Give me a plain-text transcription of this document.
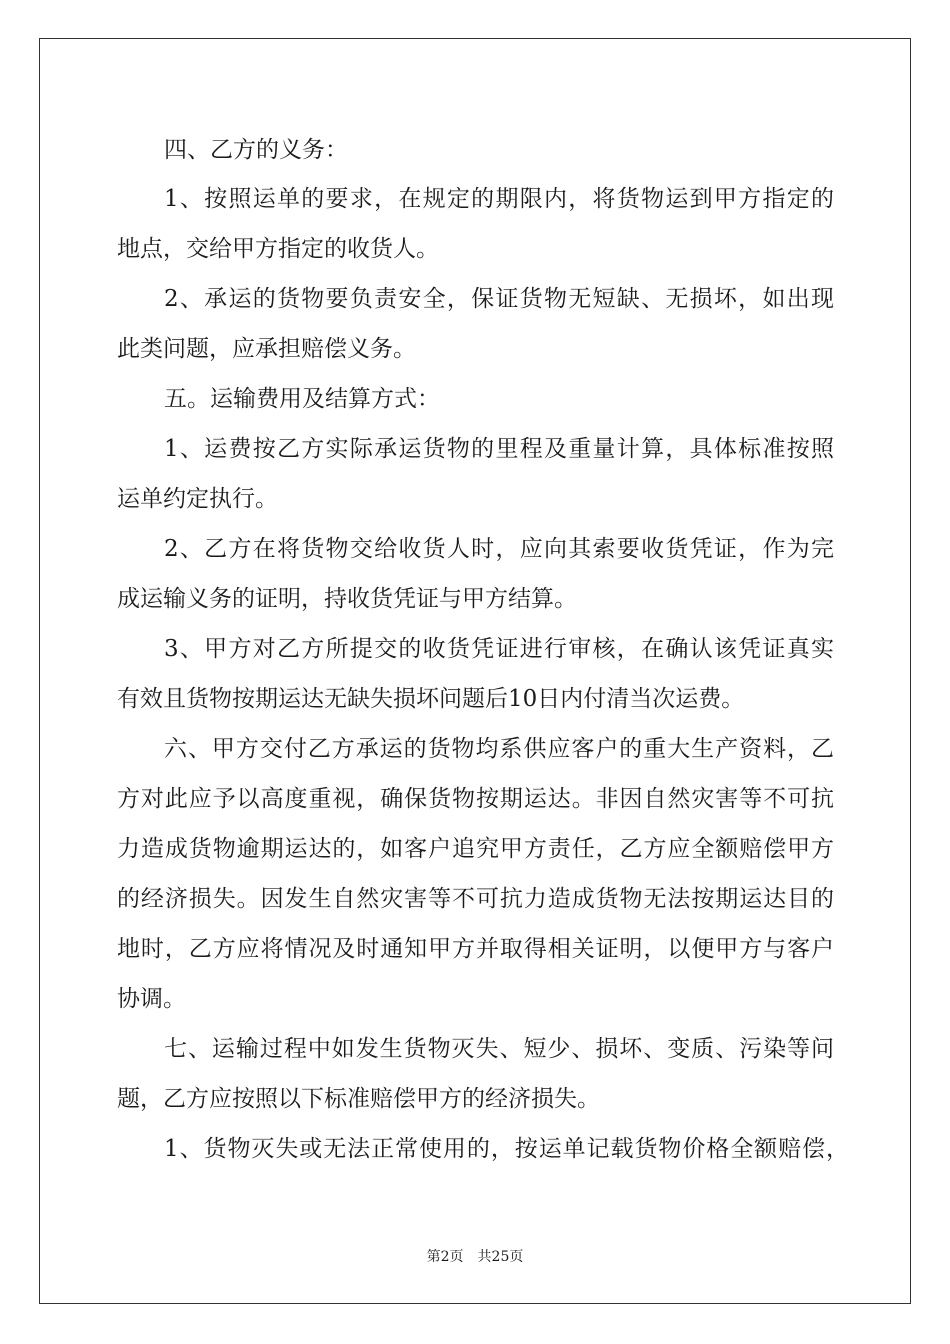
四、乙方的义务：

1、按照运单的要求，在规定的期限内，将货物运到甲方指定的

地点，交给甲方指定的收货人。

2、承运的货物要负责安全，保证货物无短缺、无损坏，如出现

此类问题，应承担赔偿义务。

五。运输费用及结算方式：

1、运费按乙方实际承运货物的里程及重量计算，具体标准按照

运单约定执行。

2、乙方在将货物交给收货人时，应向其索要收货凭证，作为完

成运输义务的证明，持收货凭证与甲方结算。

3、甲方对乙方所提交的收货凭证进行审核，在确认该凭证真实

有效且货物按期运达无缺失损坏问题后10日内付清当次运费。

六、甲方交付乙方承运的货物均系供应客户的重大生产资料，乙

方对此应予以高度重视，确保货物按期运达。非因自然灾害等不可抗

力造成货物逾期运达的，如客户追究甲方责任，乙方应全额赔偿甲方

的经济损失。因发生自然灾害等不可抗力造成货物无法按期运达目的

地时，乙方应将情况及时通知甲方并取得相关证明，以便甲方与客户

协调。

七、运输过程中如发生货物灭失、短少、损坏、变质、污染等问

题，乙方应按照以下标准赔偿甲方的经济损失。

1、货物灭失或无法正常使用的，按运单记载货物价格全额赔偿，

第2页　共25页
